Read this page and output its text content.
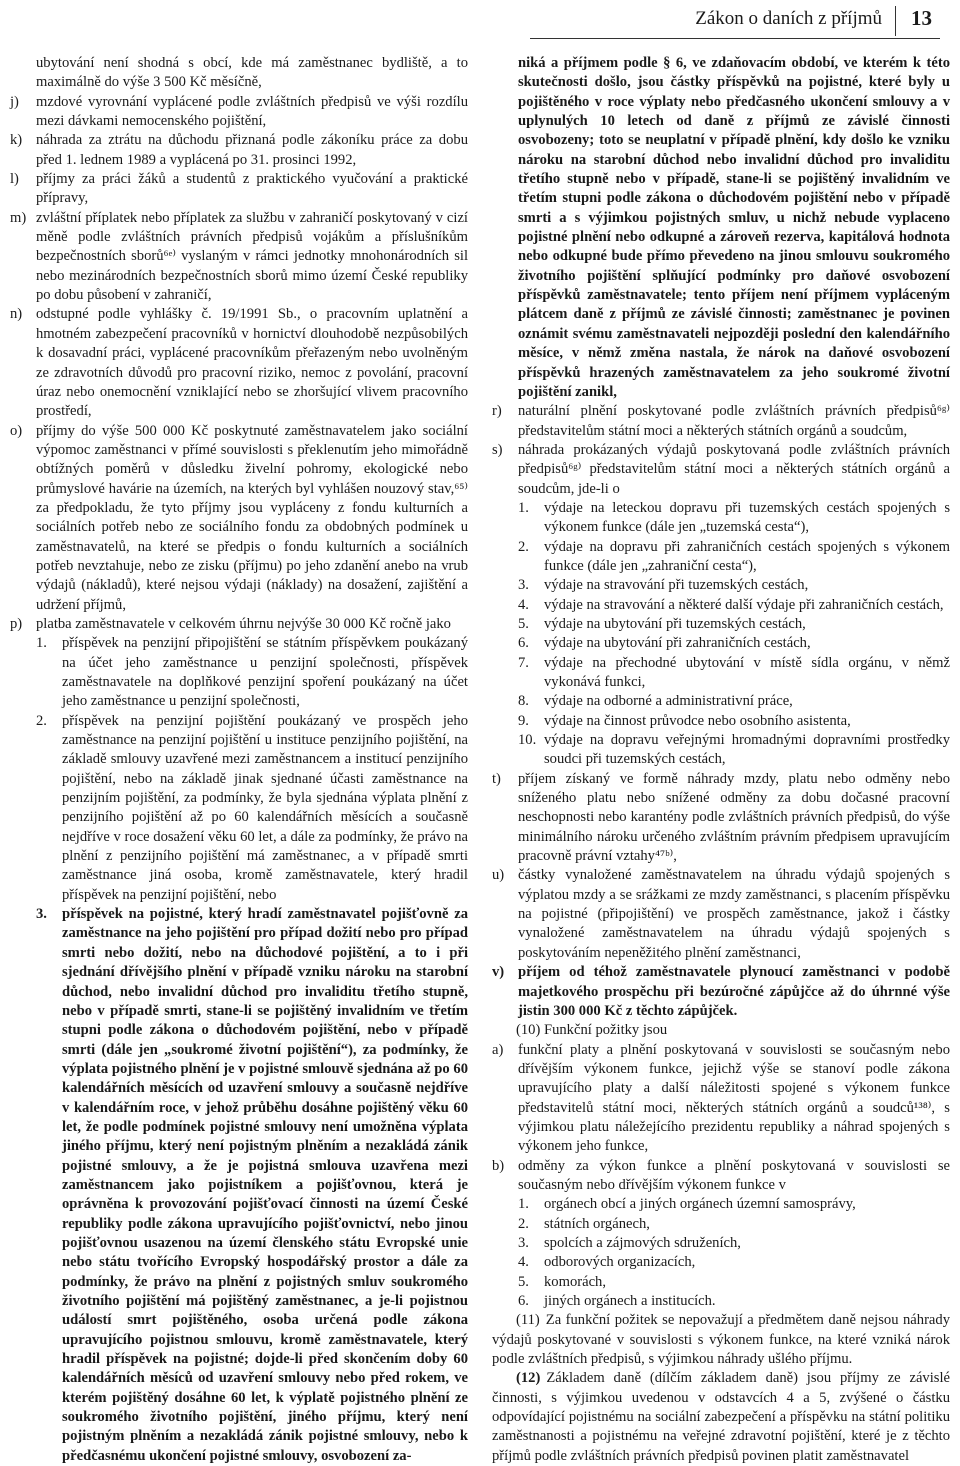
Zákon o daních z příjmů 13
ubytování není shodná s obcí, kde má zaměstnanec bydliště, a to maximálně do výše 3 500 Kč měsíčně,
j)	mzdové vyrovnání vyplácené podle zvláštních předpisů ve výši rozdílu mezi dávkami nemocenského pojištění,
k) náhrada za ztrátu na důchodu přiznaná podle zákoníku práce za dobu před 1. lednem 1989 a vyplácená po 31. prosinci 1992,
l)	příjmy za práci žáků a studentů z praktického vyučování a praktické přípravy,
m) zvláštní příplatek nebo příplatek za službu v zahraničí poskytovaný v cizí měně podle zvláštních právních předpisů vojákům a příslušníkům bezpečnostních sborů⁶ᵉ⁾ vyslaným v rámci jednotky mnohonárodních sil nebo mezinárodních bezpečnostních sborů mimo území České republiky po dobu působení v zahraničí,
n) odstupné podle vyhlášky č. 19/1991 Sb., o pracovním uplatnění a hmotném zabezpečení pracovníků v hornictví dlouhodobě nezpůsobilých k dosavadní práci, vyplácené pracovníkům přeřazeným nebo uvolněným ze zdravotních důvodů pro pracovní riziko, nemoc z povolání, pracovní úraz nebo onemocnění vzniklající nebo se zhoršující vlivem pracovního prostředí,
o) příjmy do výše 500 000 Kč poskytnuté zaměstnavatelem jako sociální výpomoc zaměstnanci v přímé souvislosti s překlenutím jeho mimořádně obtížných poměrů v důsledku živelní pohromy, ekologické nebo průmyslové havárie na územích, na kterých byl vyhlášen nouzový stav,⁶⁵⁾ za předpokladu, že tyto příjmy jsou vypláceny z fondu kulturních a sociálních potřeb nebo ze sociálního fondu za obdobných podmínek u zaměstnavatelů, na které se předpis o fondu kulturních a sociálních potřeb nevztahuje, nebo ze zisku (příjmu) po jeho zdanění anebo na vrub výdajů (nákladů), které nejsou výdaji (náklady) na dosažení, zajištění a udržení příjmů,
p) platba zaměstnavatele v celkovém úhrnu nejvýše 30 000 Kč ročně jako
1.	příspěvek na penzijní připojištění se státním příspěvkem poukázaný na účet jeho zaměstnance u penzijní společnosti, příspěvek zaměstnavatele na doplňkové penzijní spoření poukázaný na účet jeho zaměstnance u penzijní společnosti,
2.	příspěvek na penzijní pojištění poukázaný ve prospěch jeho zaměstnance na penzijní pojištění u instituce penzijního pojištění, na základě smlouvy uzavřené mezi zaměstnancem a institucí penzijního pojištění, nebo na základě jinak sjednané účasti zaměstnance na penzijním pojištění, za podmínky, že byla sjednána výplata plnění z penzijního pojištění až po 60 kalendářních měsících a současně nejdříve v roce dosažení věku 60 let, a dále za podmínky, že právo na plnění z penzijního pojištění má zaměstnanec, a v případě smrti zaměstnance jiná osoba, kromě zaměstnavatele, který hradil příspěvek na penzijní pojištění, nebo
3.	příspěvek na pojistné, který hradí zaměstnavatel pojišťovně za zaměstnance na jeho pojištění pro případ dožití nebo pro případ smrti nebo dožití, nebo na důchodové pojištění, a to i při sjednání dřívějšího plnění v případě vzniku nároku na starobní důchod, nebo invalidní důchod pro invaliditu třetího stupně, nebo v případě smrti, stane-li se pojištěný invalidním ve třetím stupni podle zákona o důchodovém pojištění, nebo v případě smrti (dále jen „soukromé životní pojištění“), za podmínky, že výplata pojistného plnění je v pojistné smlouvě sjednána až po 60 kalendářních měsících od uzavření smlouvy a současně nejdříve v kalendářním roce, v jehož průběhu dosáhne pojištěný věku 60 let, že podle podmínek pojistné smlouvy není umožněna výplata jiného příjmu, který není pojistným plněním a nezakládá zánik pojistné smlouvy, a že je pojistná smlouva uzavřena mezi zaměstnancem jako pojistníkem a pojišťovnou, která je oprávněna k provozování pojišťovací činnosti na území České republiky podle zákona upravujícího pojišťovnictví, nebo jinou pojišťovnou usazenou na území členského státu Evropské unie nebo státu tvořícího Evropský hospodářský prostor a dále za podmínky, že právo na plnění z pojistných smluv soukromého životního pojištění má pojištěný zaměstnanec, a je-li pojistnou událostí smrt pojištěného, osoba určená podle zákona upravujícího pojistnou smlouvu, kromě zaměstnavatele, který hradil příspěvek na pojistné; dojde-li před skončením doby 60 kalendářních měsíců od uzavření smlouvy nebo před rokem, ve kterém pojištěný dosáhne 60 let, k výplatě pojistného plnění ze soukromého životního pojištění, jiného příjmu, který není pojistným plněním a nezakládá zánik pojistné smlouvy, nebo k předčasnému ukončení pojistné smlouvy, osvobození za-
niká a příjmem podle § 6, ve zdaňovacím období, ve kterém k této skutečnosti došlo, jsou částky příspěvků na pojistné, které byly u pojištěného v roce výplaty nebo předčasného ukončení smlouvy a v uplynulých 10 letech od daně z příjmů ze závislé činnosti osvobozeny; toto se neuplatní v případě plnění, kdy došlo ke vzniku nároku na starobní důchod nebo invalidní důchod pro invaliditu třetího stupně nebo v případě, stane-li se pojištěný invalidním ve třetím stupni podle zákona o důchodovém pojištění nebo v případě smrti a s výjimkou pojistných smluv, u nichž nebude vyplaceno pojistné plnění nebo odkupné a zároveň rezerva, kapitálová hodnota nebo odkupné bude přímo převedeno na jinou smlouvu soukromého životního pojištění splňující podmínky pro daňové osvobození příspěvků zaměstnavatele; tento příjem není příjmem vypláceným plátcem daně z příjmů ze závislé činnosti; zaměstnanec je povinen oznámit svému zaměstnavateli nejpozději poslední den kalendářního měsíce, v němž změna nastala, že nárok na daňové osvobození příspěvků hrazených zaměstnavatelem za jeho soukromé životní pojištění zanikl,
r)	naturální plnění poskytované podle zvláštních právních předpisů⁶ᵍ⁾ představitelům státní moci a některých státních orgánů a soudcům,
s)	náhrada prokázaných výdajů poskytovaná podle zvláštních právních předpisů⁶ᵍ⁾ představitelům státní moci a některých státních orgánů a soudcům, jde-li o
1.	výdaje na leteckou dopravu při tuzemských cestách spojených s výkonem funkce (dále jen „tuzemská cesta“),
2.	výdaje na dopravu při zahraničních cestách spojených s výkonem funkce (dále jen „zahraniční cesta“),
3.	výdaje na stravování při tuzemských cestách,
4.	výdaje na stravování a některé další výdaje při zahraničních cestách,
5.	výdaje na ubytování při tuzemských cestách,
6.	výdaje na ubytování při zahraničních cestách,
7.	výdaje na přechodné ubytování v místě sídla orgánu, v němž vykonává funkci,
8.	výdaje na odborné a administrativní práce,
9.	výdaje na činnost průvodce nebo osobního asistenta,
10. výdaje na dopravu veřejnými hromadnými dopravními prostředky soudci při tuzemských cestách,
t)	příjem získaný ve formě náhrady mzdy, platu nebo odměny nebo sníženého platu nebo snížené odměny za dobu dočasné pracovní neschopnosti nebo karantény podle zvláštních právních předpisů, do výše minimálního nároku určeného zvláštním právním předpisem upravujícím pracovně právní vztahy⁴⁷ᵇ⁾,
u) částky vynaložené zaměstnavatelem na úhradu výdajů spojených s výplatou mzdy a se srážkami ze mzdy zaměstnanci, s placením příspěvku na pojistné (připojištění) ve prospěch zaměstnance, jakož i částky vynaložené zaměstnavatelem na úhradu výdajů spojených s poskytováním nepeněžitého plnění zaměstnanci,
v) příjem od téhož zaměstnavatele plynoucí zaměstnanci v podobě majetkového prospěchu při bezúročné zápůjčce až do úhrnné výše jistin 300 000 Kč z těchto zápůjček.
(10) Funkční požitky jsou
a)	funkční platy a plnění poskytovaná v souvislosti se současným nebo dřívějším výkonem funkce, jejichž výše se stanoví podle zákona upravujícího platy a další náležitosti spojené s výkonem funkce představitelů státní moci, některých státních orgánů a soudců¹³⁸⁾, s výjimkou platu náležejícího prezidentu republiky a náhrad spojených s výkonem jeho funkce,
b) odměny za výkon funkce a plnění poskytovaná v souvislosti se současným nebo dřívějším výkonem funkce v
1.	orgánech obcí a jiných orgánech územní samosprávy,
2.	státních orgánech,
3.	spolcích a zájmových sdruženích,
4.	odborových organizacích,
5.	komorách,
6.	jiných orgánech a institucích.
(11) Za funkční požitek se nepovažují a předmětem daně nejsou náhrady výdajů poskytované v souvislosti s výkonem funkce, na které vzniká nárok podle zvláštních předpisů, s výjimkou náhrady ušlého příjmu.
(12) Základem daně (dílčím základem daně) jsou příjmy ze závislé činnosti, s výjimkou uvedenou v odstavcích 4 a 5, zvýšené o částku odpovídající pojistnému na sociální zabezpečení a příspěvku na státní politiku zaměstnanosti a pojistnému na veřejné zdravotní pojištění, které je z těchto příjmů podle zvláštních právních předpisů povinen platit zaměstnavatel
